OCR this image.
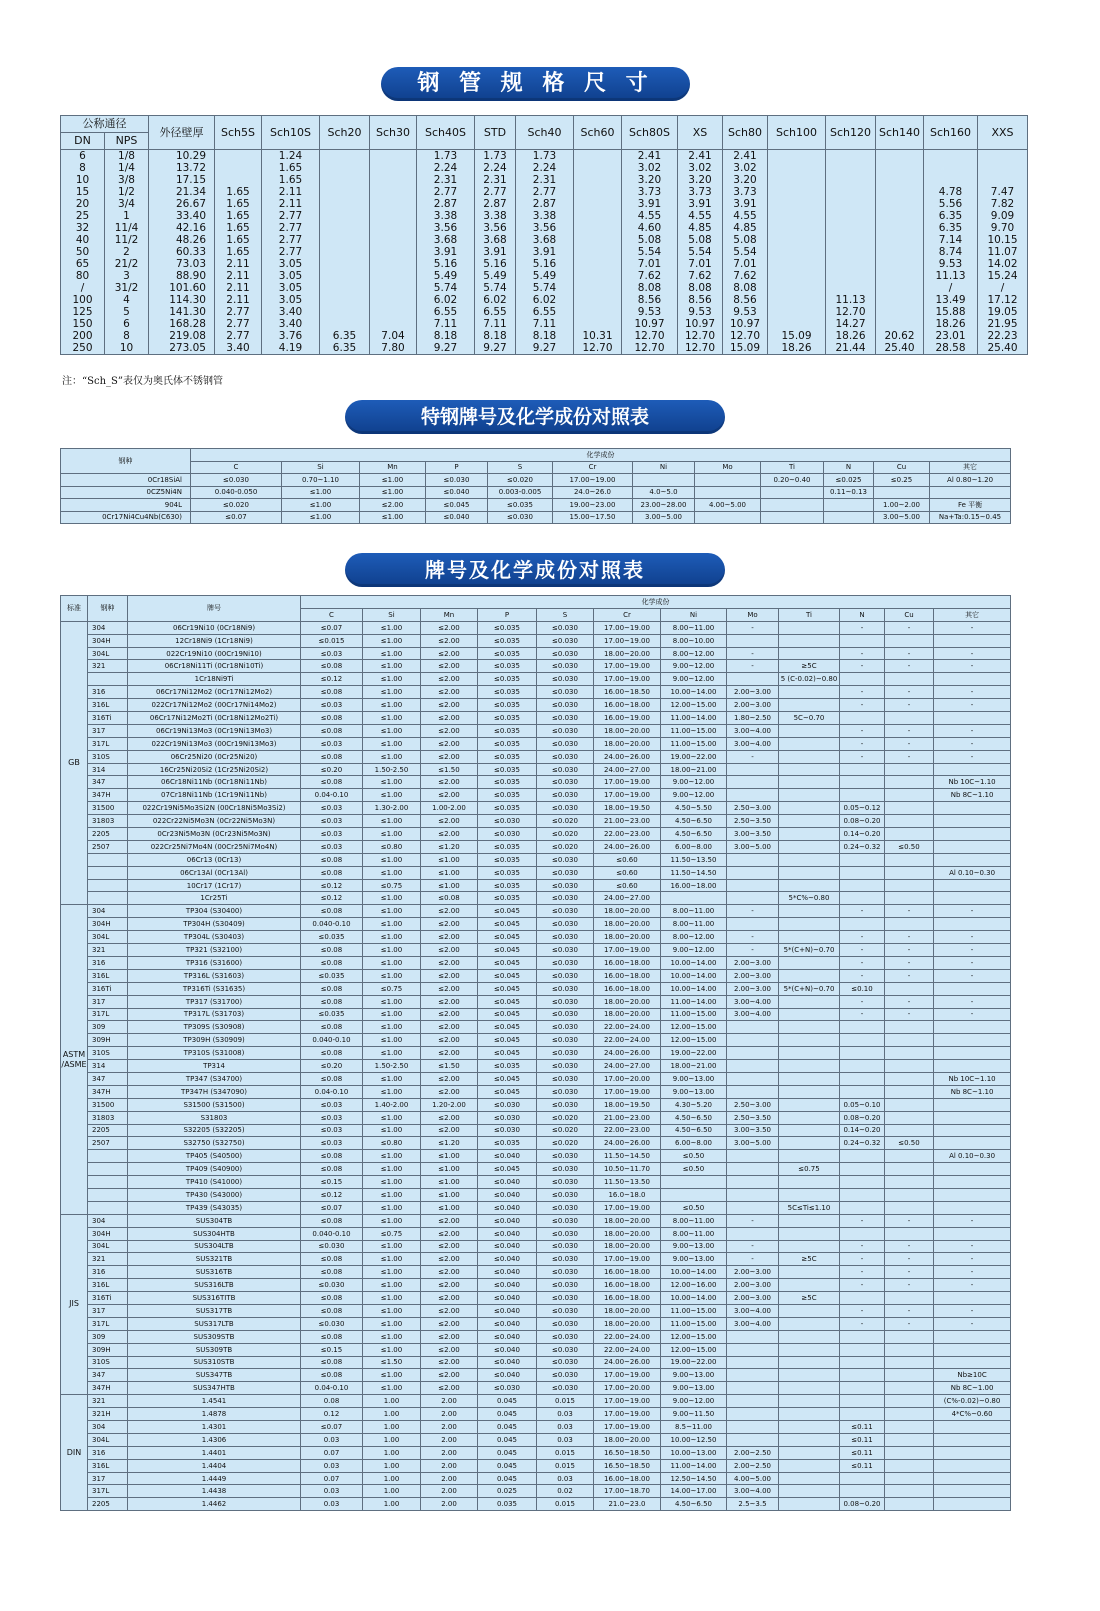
钢 管 规 格 尺 寸
公称通径		外径壁厚	Sch5S	Sch10S	Sch20	Sch30	Sch40S	STD	Sch40	Sch60	Sch80S	XS	Sch80	Sch100	Sch120	Sch140	Sch160	XXS
DN	NPS																	
6	1/8	10.29		1.24			1.73	1.73	1.73		2.41	2.41	2.41					
8	1/4	13.72		1.65			2.24	2.24	2.24		3.02	3.02	3.02					
10	3/8	17.15		1.65			2.31	2.31	2.31		3.20	3.20	3.20					
15	1/2	21.34	1.65	2.11			2.77	2.77	2.77		3.73	3.73	3.73				4.78	7.47
20	3/4	26.67	1.65	2.11			2.87	2.87	2.87		3.91	3.91	3.91				5.56	7.82
25	1	33.40	1.65	2.77			3.38	3.38	3.38		4.55	4.55	4.55				6.35	9.09
32	11/4	42.16	1.65	2.77			3.56	3.56	3.56		4.60	4.85	4.85				6.35	9.70
40	11/2	48.26	1.65	2.77			3.68	3.68	3.68		5.08	5.08	5.08				7.14	10.15
50	2	60.33	1.65	2.77			3.91	3.91	3.91		5.54	5.54	5.54				8.74	11.07
65	21/2	73.03	2.11	3.05			5.16	5.16	5.16		7.01	7.01	7.01				9.53	14.02
80	3	88.90	2.11	3.05			5.49	5.49	5.49		7.62	7.62	7.62				11.13	15.24
/	31/2	101.60	2.11	3.05			5.74	5.74	5.74		8.08	8.08	8.08				/	/
100	4	114.30	2.11	3.05			6.02	6.02	6.02		8.56	8.56	8.56		11.13		13.49	17.12
125	5	141.30	2.77	3.40			6.55	6.55	6.55		9.53	9.53	9.53		12.70		15.88	19.05
150	6	168.28	2.77	3.40			7.11	7.11	7.11		10.97	10.97	10.97		14.27		18.26	21.95
200	8	219.08	2.77	3.76	6.35	7.04	8.18	8.18	8.18	10.31	12.70	12.70	12.70	15.09	18.26	20.62	23.01	22.23
250	10	273.05	3.40	4.19	6.35	7.80	9.27	9.27	9.27	12.70	12.70	12.70	15.09	18.26	21.44	25.40	28.58	25.40
注：“Sch_S”表仅为奥氏体不锈钢管
特钢牌号及化学成份对照表
钢种	化学成份											
	C	Si	Mn	P	S	Cr	Ni	Mo	Ti	N	Cu	其它
0Cr18SiAl	≤0.030	0.70~1.10	≤1.00	≤0.030	≤0.020	17.00~19.00			0.20~0.40	≤0.025	≤0.25	Al 0.80~1.20
0CZ5Ni4N	0.040-0.050	≤1.00	≤1.00	≤0.040	0.003-0.005	24.0~26.0	4.0~5.0			0.11~0.13		
904L	≤0.020	≤1.00	≤2.00	≤0.045	≤0.035	19.00~23.00	23.00~28.00	4.00~5.00			1.00~2.00	Fe 平衡
0Cr17Ni4Cu4Nb(C630)	≤0.07	≤1.00	≤1.00	≤0.040	≤0.030	15.00~17.50	3.00~5.00				3.00~5.00	Na+Ta:0.15~0.45
牌号及化学成份对照表
标准	钢种	牌号	化学成份											
			C	Si	Mn	P	S	Cr	Ni	Mo	Ti	N	Cu	其它
GB	304	06Cr19Ni10 (0Cr18Ni9)	≤0.07	≤1.00	≤2.00	≤0.035	≤0.030	17.00~19.00	8.00~11.00	-		-	-	-
	304H	12Cr18Ni9 (1Cr18Ni9)	≤0.015	≤1.00	≤2.00	≤0.035	≤0.030	17.00~19.00	8.00~10.00					
	304L	022Cr19Ni10 (00Cr19Ni10)	≤0.03	≤1.00	≤2.00	≤0.035	≤0.030	18.00~20.00	8.00~12.00	-		-	-	-
	321	06Cr18Ni11Ti (0Cr18Ni10Ti)	≤0.08	≤1.00	≤2.00	≤0.035	≤0.030	17.00~19.00	9.00~12.00	-	≥5C	-	-	-
		1Cr18Ni9Ti	≤0.12	≤1.00	≤2.00	≤0.035	≤0.030	17.00~19.00	9.00~12.00		5 (C-0.02)~0.80			
	316	06Cr17Ni12Mo2 (0Cr17Ni12Mo2)	≤0.08	≤1.00	≤2.00	≤0.035	≤0.030	16.00~18.50	10.00~14.00	2.00~3.00		-	-	-
	316L	022Cr17Ni12Mo2 (00Cr17Ni14Mo2)	≤0.03	≤1.00	≤2.00	≤0.035	≤0.030	16.00~18.00	12.00~15.00	2.00~3.00		-	-	-
	316Ti	06Cr17Ni12Mo2Ti (0Cr18Ni12Mo2Ti)	≤0.08	≤1.00	≤2.00	≤0.035	≤0.030	16.00~19.00	11.00~14.00	1.80~2.50	5C~0.70			
	317	06Cr19Ni13Mo3 (0Cr19Ni13Mo3)	≤0.08	≤1.00	≤2.00	≤0.035	≤0.030	18.00~20.00	11.00~15.00	3.00~4.00		-	-	-
	317L	022Cr19Ni13Mo3 (00Cr19Ni13Mo3)	≤0.03	≤1.00	≤2.00	≤0.035	≤0.030	18.00~20.00	11.00~15.00	3.00~4.00		-	-	-
	310S	06Cr25Ni20 (0Cr25Ni20)	≤0.08	≤1.00	≤2.00	≤0.035	≤0.030	24.00~26.00	19.00~22.00	-		-	-	-
	314	16Cr25Ni20Si2 (1Cr25Ni20Si2)	≤0.20	1.50-2.50	≤1.50	≤0.035	≤0.030	24.00~27.00	18.00~21.00					
	347	06Cr18Ni11Nb (0Cr18Ni11Nb)	≤0.08	≤1.00	≤2.00	≤0.035	≤0.030	17.00~19.00	9.00~12.00					Nb 10C~1.10
	347H	07Cr18Ni11Nb (1Cr19Ni11Nb)	0.04-0.10	≤1.00	≤2.00	≤0.035	≤0.030	17.00~19.00	9.00~12.00					Nb 8C~1.10
	31500	022Cr19Ni5Mo3Si2N (00Cr18Ni5Mo3Si2)	≤0.03	1.30-2.00	1.00-2.00	≤0.035	≤0.030	18.00~19.50	4.50~5.50	2.50~3.00		0.05~0.12		
	31803	022Cr22Ni5Mo3N (0Cr22Ni5Mo3N)	≤0.03	≤1.00	≤2.00	≤0.030	≤0.020	21.00~23.00	4.50~6.50	2.50~3.50		0.08~0.20		
	2205	0Cr23Ni5Mo3N (0Cr23Ni5Mo3N)	≤0.03	≤1.00	≤2.00	≤0.030	≤0.020	22.00~23.00	4.50~6.50	3.00~3.50		0.14~0.20		
	2507	022Cr25Ni7Mo4N (00Cr25Ni7Mo4N)	≤0.03	≤0.80	≤1.20	≤0.035	≤0.020	24.00~26.00	6.00~8.00	3.00~5.00		0.24~0.32	≤0.50	
		06Cr13 (0Cr13)	≤0.08	≤1.00	≤1.00	≤0.035	≤0.030	≤0.60	11.50~13.50					
		06Cr13Al (0Cr13Al)	≤0.08	≤1.00	≤1.00	≤0.035	≤0.030	≤0.60	11.50~14.50					Al 0.10~0.30
		10Cr17 (1Cr17)	≤0.12	≤0.75	≤1.00	≤0.035	≤0.030	≤0.60	16.00~18.00					
		1Cr25Ti	≤0.12	≤1.00	≤0.08	≤0.035	≤0.030	24.00~27.00			5*C%~0.80			
ASTM /ASME	304	TP304 (S30400)	≤0.08	≤1.00	≤2.00	≤0.045	≤0.030	18.00~20.00	8.00~11.00	-		-	-	-
	304H	TP304H (S30409)	0.040-0.10	≤1.00	≤2.00	≤0.045	≤0.030	18.00~20.00	8.00~11.00					
	304L	TP304L (S30403)	≤0.035	≤1.00	≤2.00	≤0.045	≤0.030	18.00~20.00	8.00~12.00	-		-	-	-
	321	TP321 (S32100)	≤0.08	≤1.00	≤2.00	≤0.045	≤0.030	17.00~19.00	9.00~12.00	-	5*(C+N)~0.70	-	-	-
	316	TP316 (S31600)	≤0.08	≤1.00	≤2.00	≤0.045	≤0.030	16.00~18.00	10.00~14.00	2.00~3.00		-	-	-
	316L	TP316L (S31603)	≤0.035	≤1.00	≤2.00	≤0.045	≤0.030	16.00~18.00	10.00~14.00	2.00~3.00		-	-	-
	316Ti	TP316Ti (S31635)	≤0.08	≤0.75	≤2.00	≤0.045	≤0.030	16.00~18.00	10.00~14.00	2.00~3.00	5*(C+N)~0.70	≤0.10		
	317	TP317 (S31700)	≤0.08	≤1.00	≤2.00	≤0.045	≤0.030	18.00~20.00	11.00~14.00	3.00~4.00		-	-	-
	317L	TP317L (S31703)	≤0.035	≤1.00	≤2.00	≤0.045	≤0.030	18.00~20.00	11.00~15.00	3.00~4.00		-	-	-
	309	TP309S (S30908)	≤0.08	≤1.00	≤2.00	≤0.045	≤0.030	22.00~24.00	12.00~15.00					
	309H	TP309H (S30909)	0.040-0.10	≤1.00	≤2.00	≤0.045	≤0.030	22.00~24.00	12.00~15.00					
	310S	TP310S (S31008)	≤0.08	≤1.00	≤2.00	≤0.045	≤0.030	24.00~26.00	19.00~22.00					
	314	TP314	≤0.20	1.50-2.50	≤1.50	≤0.035	≤0.030	24.00~27.00	18.00~21.00					
	347	TP347 (S34700)	≤0.08	≤1.00	≤2.00	≤0.045	≤0.030	17.00~20.00	9.00~13.00					Nb 10C~1.10
	347H	TP347H (S347090)	0.04-0.10	≤1.00	≤2.00	≤0.045	≤0.030	17.00~19.00	9.00~13.00					Nb 8C~1.10
	31500	S31500 (S31500)	≤0.03	1.40-2.00	1.20-2.00	≤0.030	≤0.030	18.00~19.50	4.30~5.20	2.50~3.00		0.05~0.10		
	31803	S31803	≤0.03	≤1.00	≤2.00	≤0.030	≤0.020	21.00~23.00	4.50~6.50	2.50~3.50		0.08~0.20		
	2205	S32205 (S32205)	≤0.03	≤1.00	≤2.00	≤0.030	≤0.020	22.00~23.00	4.50~6.50	3.00~3.50		0.14~0.20		
	2507	S32750 (S32750)	≤0.03	≤0.80	≤1.20	≤0.035	≤0.020	24.00~26.00	6.00~8.00	3.00~5.00		0.24~0.32	≤0.50	
		TP405 (S40500)	≤0.08	≤1.00	≤1.00	≤0.040	≤0.030	11.50~14.50	≤0.50					Al 0.10~0.30
		TP409 (S40900)	≤0.08	≤1.00	≤1.00	≤0.045	≤0.030	10.50~11.70	≤0.50		≤0.75			
		TP410 (S41000)	≤0.15	≤1.00	≤1.00	≤0.040	≤0.030	11.50~13.50						
		TP430 (S43000)	≤0.12	≤1.00	≤1.00	≤0.040	≤0.030	16.0~18.0						
		TP439 (S43035)	≤0.07	≤1.00	≤1.00	≤0.040	≤0.030	17.00~19.00	≤0.50		5C≤Ti≤1.10			
JIS	304	SUS304TB	≤0.08	≤1.00	≤2.00	≤0.040	≤0.030	18.00~20.00	8.00~11.00	-		-	-	-
	304H	SUS304HTB	0.040-0.10	≤0.75	≤2.00	≤0.040	≤0.030	18.00~20.00	8.00~11.00					
	304L	SUS304LTB	≤0.030	≤1.00	≤2.00	≤0.040	≤0.030	18.00~20.00	9.00~13.00	-		-	-	-
	321	SUS321TB	≤0.08	≤1.00	≤2.00	≤0.040	≤0.030	17.00~19.00	9.00~13.00	-	≥5C	-	-	-
	316	SUS316TB	≤0.08	≤1.00	≤2.00	≤0.040	≤0.030	16.00~18.00	10.00~14.00	2.00~3.00		-	-	-
	316L	SUS316LTB	≤0.030	≤1.00	≤2.00	≤0.040	≤0.030	16.00~18.00	12.00~16.00	2.00~3.00		-	-	-
	316Ti	SUS316TITB	≤0.08	≤1.00	≤2.00	≤0.040	≤0.030	16.00~18.00	10.00~14.00	2.00~3.00	≥5C			
	317	SUS317TB	≤0.08	≤1.00	≤2.00	≤0.040	≤0.030	18.00~20.00	11.00~15.00	3.00~4.00		-	-	-
	317L	SUS317LTB	≤0.030	≤1.00	≤2.00	≤0.040	≤0.030	18.00~20.00	11.00~15.00	3.00~4.00		-	-	-
	309	SUS309STB	≤0.08	≤1.00	≤2.00	≤0.040	≤0.030	22.00~24.00	12.00~15.00					
	309H	SUS309TB	≤0.15	≤1.00	≤2.00	≤0.040	≤0.030	22.00~24.00	12.00~15.00					
	310S	SUS310STB	≤0.08	≤1.50	≤2.00	≤0.040	≤0.030	24.00~26.00	19.00~22.00					
	347	SUS347TB	≤0.08	≤1.00	≤2.00	≤0.040	≤0.030	17.00~19.00	9.00~13.00					Nb≥10C
	347H	SUS347HTB	0.04-0.10	≤1.00	≤2.00	≤0.030	≤0.030	17.00~20.00	9.00~13.00					Nb 8C~1.00
DIN	321	1.4541	0.08	1.00	2.00	0.045	0.015	17.00~19.00	9.00~12.00					(C%-0.02)~0.80
	321H	1.4878	0.12	1.00	2.00	0.045	0.03	17.00~19.00	9.00~11.50					4*C%~0.60
	304	1.4301	≤0.07	1.00	2.00	0.045	0.03	17.00~19.00	8.5~11.00			≤0.11		
	304L	1.4306	0.03	1.00	2.00	0.045	0.03	18.00~20.00	10.00~12.50			≤0.11		
	316	1.4401	0.07	1.00	2.00	0.045	0.015	16.50~18.50	10.00~13.00	2.00~2.50		≤0.11		
	316L	1.4404	0.03	1.00	2.00	0.045	0.015	16.50~18.50	11.00~14.00	2.00~2.50		≤0.11		
	317	1.4449	0.07	1.00	2.00	0.045	0.03	16.00~18.00	12.50~14.50	4.00~5.00				
	317L	1.4438	0.03	1.00	2.00	0.025	0.02	17.00~18.70	14.00~17.00	3.00~4.00				
	2205	1.4462	0.03	1.00	2.00	0.035	0.015	21.0~23.0	4.50~6.50	2.5~3.5		0.08~0.20		
